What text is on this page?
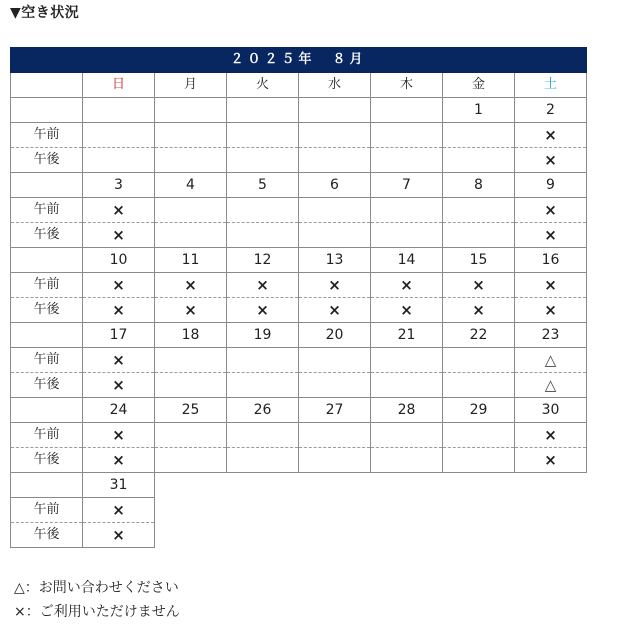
▼空き状況
２０２５年　８月							
	日	月	火	水	木	金	土
						1	2
午前							×
午後							×
	3	4	5	6	7	8	9
午前	×						×
午後	×						×
	10	11	12	13	14	15	16
午前	×	×	×	×	×	×	×
午後	×	×	×	×	×	×	×
	17	18	19	20	21	22	23
午前	×						△
午後	×						△
	24	25	26	27	28	29	30
午前	×						×
午後	×						×
	31						
午前	×						
午後	×						
△：お問い合わせください
×：ご利用いただけません
